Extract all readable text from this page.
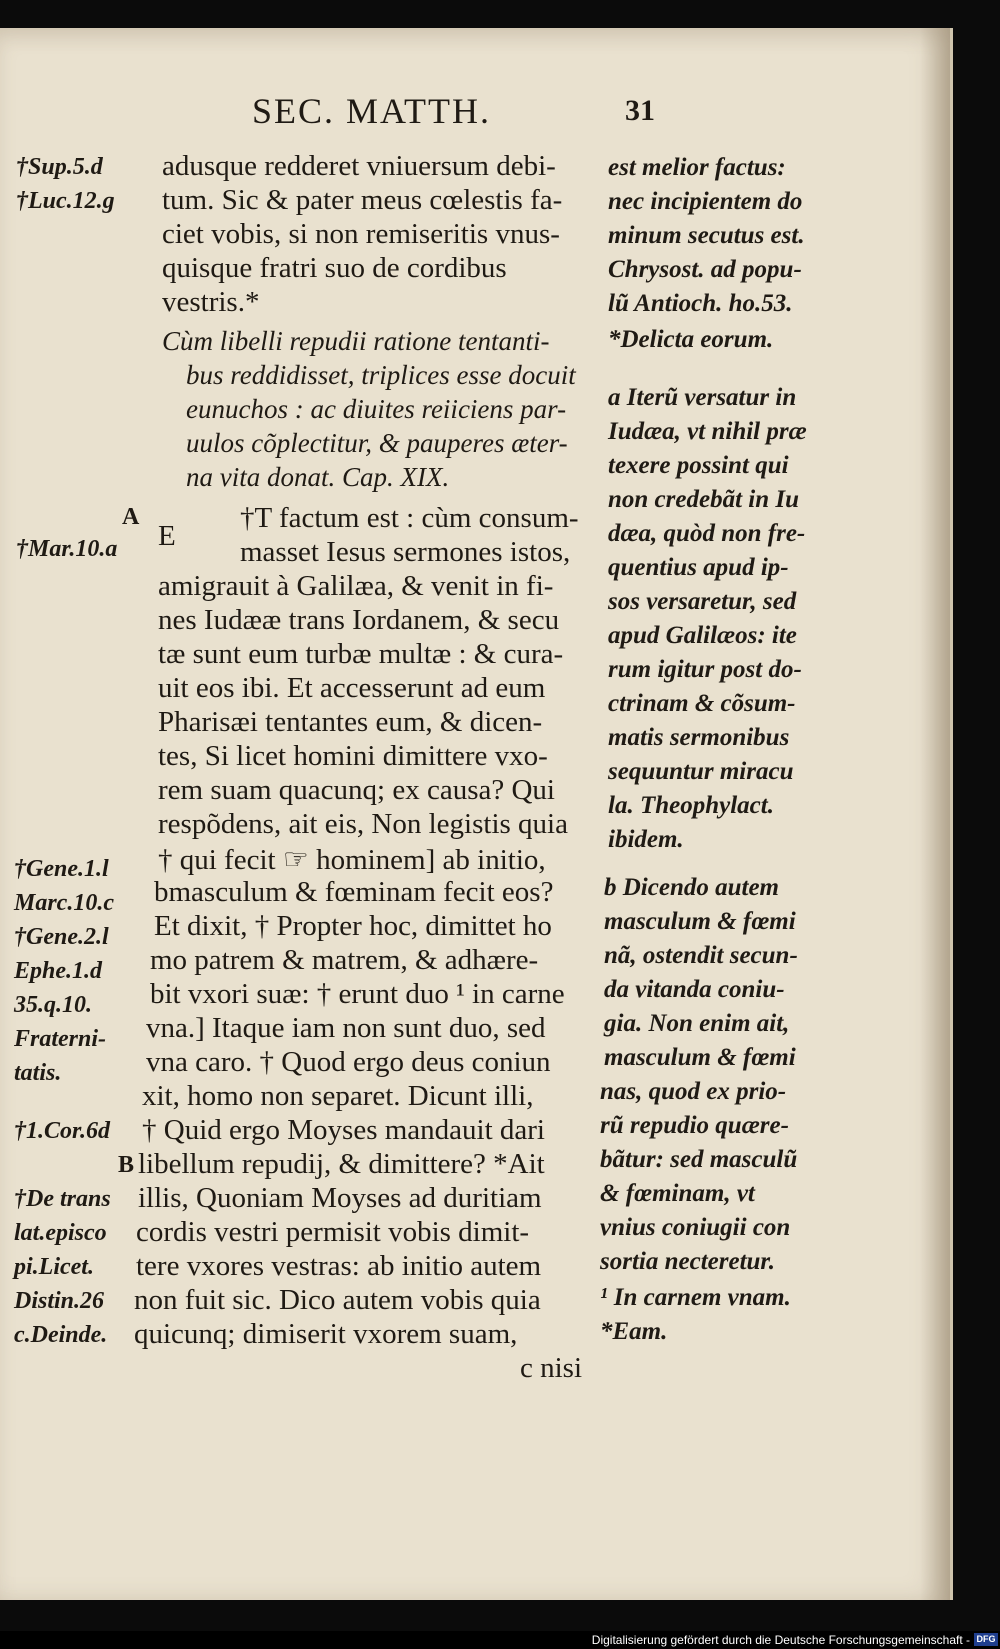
SEC. MATTH.	31
†Sup.5.d
†Luc.12.g
†Mar.10.a
†Gene.1.l
Marc.10.c
†Gene.2.l
Ephe.1.d
35.q.10.
Fraterni-
tatis.
†1.Cor.6d
†De trans
lat.episco
pi.Licet.
Distin.26
c.Deinde.
A
B
adusque redderet vniuersum debi-
tum. Sic & pater meus cœlestis fa-
ciet vobis, si non remiseritis vnus-
quisque fratri suo de cordibus
vestris.*
Cùm libelli repudii ratione tentanti-
bus reddidisset, triplices esse docuit
eunuchos : ac diuites reiiciens par-
uulos cõplectitur, & pauperes æter-
na vita donat. Cap. XIX.
E
†T factum est : cùm consum-
masset Iesus sermones istos,
amigrauit à Galilæa, & venit in fi-
nes Iudææ trans Iordanem, & secu
tæ sunt eum turbæ multæ : & cura-
uit eos ibi. Et accesserunt ad eum
Pharisæi tentantes eum, & dicen-
tes, Si licet homini dimittere vxo-
rem suam quacunq; ex causa? Qui
respõdens, ait eis, Non legistis quia
† qui fecit ☞ hominem] ab initio,
bmasculum & fœminam fecit eos?
Et dixit, † Propter hoc, dimittet ho
mo patrem & matrem, & adhære-
bit vxori suæ: † erunt duo ¹ in carne
vna.] Itaque iam non sunt duo, sed
vna caro. † Quod ergo deus coniun
xit, homo non separet. Dicunt illi,
† Quid ergo Moyses mandauit dari
libellum repudij, & dimittere? *Ait
illis, Quoniam Moyses ad duritiam
cordis vestri permisit vobis dimit-
tere vxores vestras: ab initio autem
non fuit sic. Dico autem vobis quia
quicunq; dimiserit vxorem suam,
c nisi
est melior factus:
nec incipientem do
minum secutus est.
Chrysost. ad popu-
lũ Antioch. ho.53.
*Delicta eorum.
a Iterũ versatur in
Iudæa, vt nihil præ
texere possint qui
non credebãt in Iu
dæa, quòd non fre-
quentius apud ip-
sos versaretur, sed
apud Galilæos: ite
rum igitur post do-
ctrinam & cõsum-
matis sermonibus
sequuntur miracu
la. Theophylact.
ibidem.
b Dicendo autem
masculum & fœmi
nã, ostendit secun-
da vitanda coniu-
gia. Non enim ait,
masculum & fœmi
nas, quod ex prio-
rũ repudio quære-
bãtur: sed masculũ
& fœminam, vt
vnius coniugii con
sortia necteretur.
¹ In carnem vnam.
*Eam.
Digitalisierung gefördert durch die Deutsche Forschungsgemeinschaft - DFG
